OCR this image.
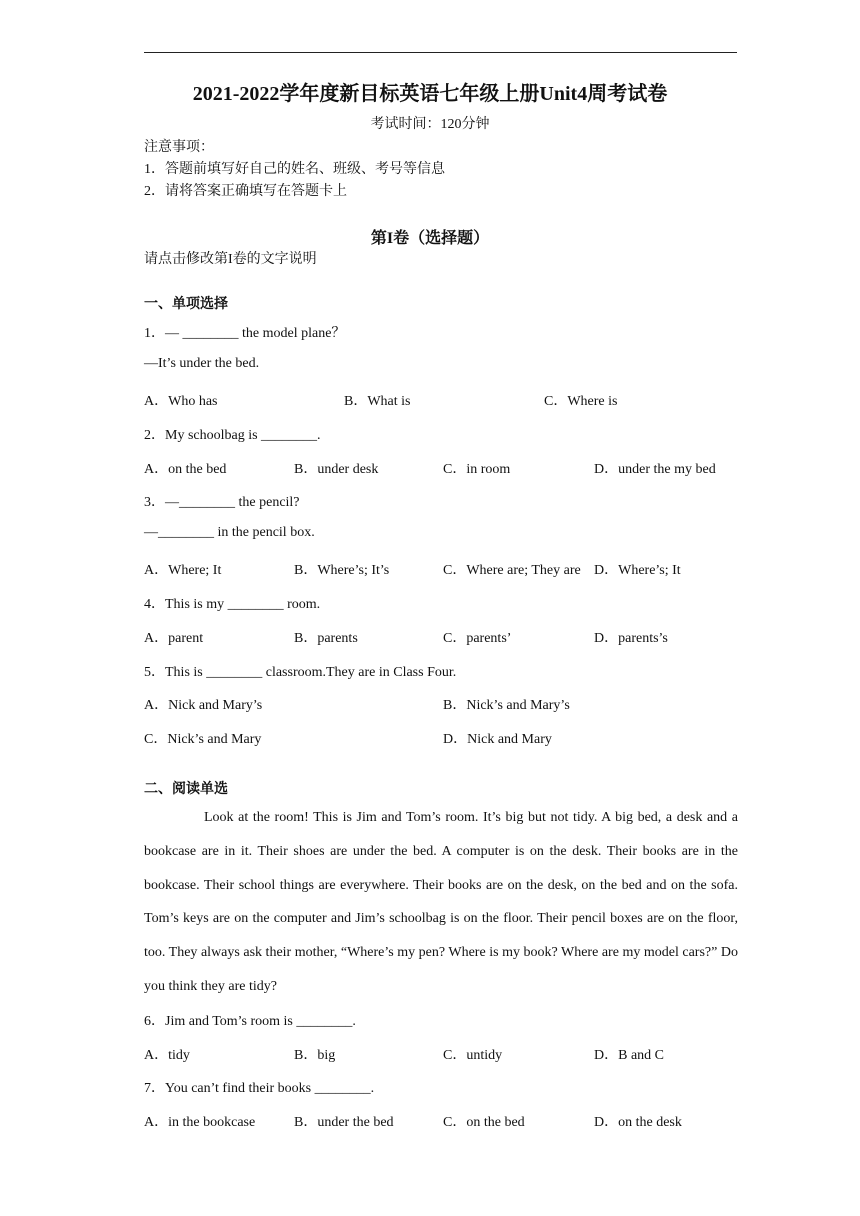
2021-2022学年度新目标英语七年级上册Unit4周考试卷
考试时间：120分钟
注意事项：
1．答题前填写好自己的姓名、班级、考号等信息
2．请将答案正确填写在答题卡上
第I卷（选择题）
请点击修改第I卷的文字说明
一、单项选择
1．— ________ the model plane？
—It’s under the bed.
A．Who has	B．What is	C．Where is
2．My schoolbag is ________.
A．on the bed	B．under desk	C．in room	D．under the my bed
3．—________ the pencil?
—________ in the pencil box.
A．Where; It	B．Where’s; It’s	C．Where are; They are D．Where’s; It
4．This is my ________ room.
A．parent	B．parents	C．parents’	D．parents’s
5．This is ________ classroom.They are in Class Four.
A．Nick and Mary’s	B．Nick’s and Mary’s
C．Nick’s and Mary	D．Nick and Mary
二、阅读单选
Look at the room! This is Jim and Tom’s room. It’s big but not tidy. A big bed, a desk and a bookcase are in it. Their shoes are under the bed. A computer is on the desk. Their books are in the bookcase. Their school things are everywhere. Their books are on the desk, on the bed and on the sofa. Tom’s keys are on the computer and Jim’s schoolbag is on the floor. Their pencil boxes are on the floor, too. They always ask their mother, “Where’s my pen? Where is my book? Where are my model cars?” Do you think they are tidy?
6．Jim and Tom’s room is ________.
A．tidy	B．big	C．untidy	D．B and C
7．You can’t find their books ________.
A．in the bookcase	B．under the bed	C．on the bed	D．on the desk
